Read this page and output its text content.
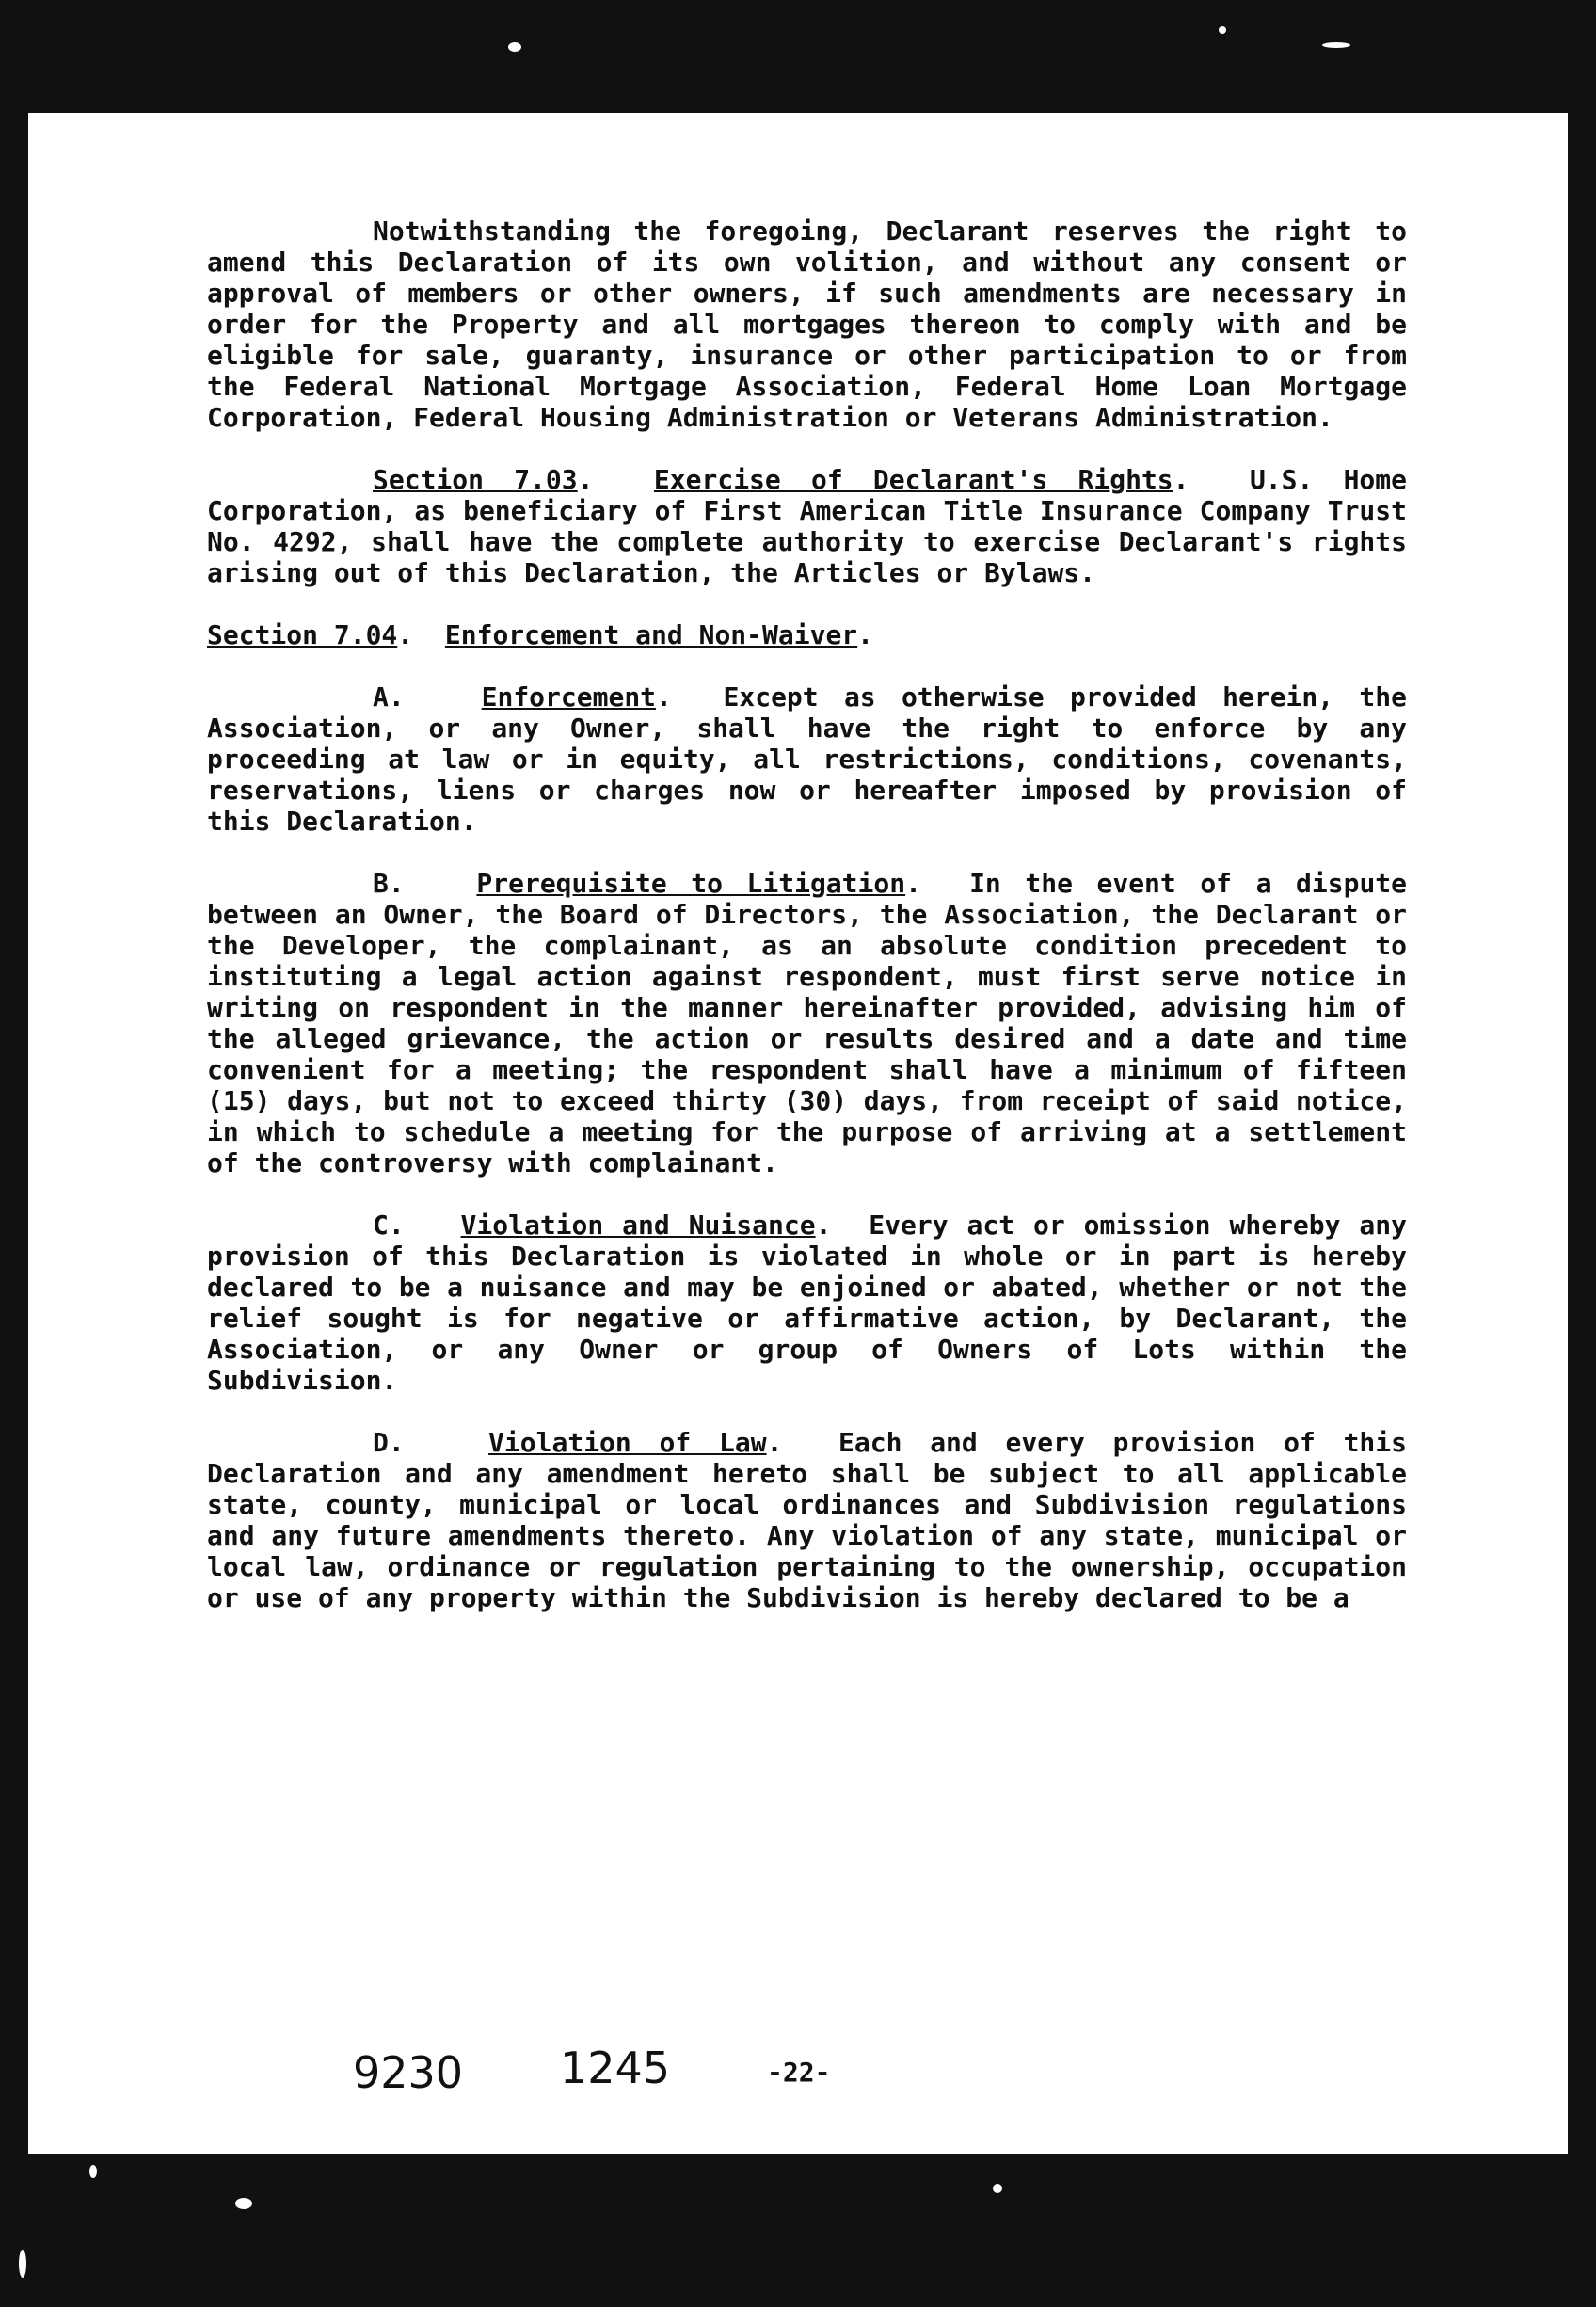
Notwithstanding the foregoing, Declarant reserves the right to amend this Declaration of its own volition, and without any consent or approval of members or other owners, if such amendments are necessary in order for the Property and all mortgages thereon to comply with and be eligible for sale, guaranty, insurance or other participation to or from the Federal National Mortgage Association, Federal Home Loan Mortgage Corporation, Federal Housing Administration or Veterans Administration.

Section 7.03.  Exercise of Declarant's Rights.  U.S. Home Corporation, as beneficiary of First American Title Insurance Company Trust No. 4292, shall have the complete authority to exercise Declarant's rights arising out of this Declaration, the Articles or Bylaws.

Section 7.04.  Enforcement and Non-Waiver.

A.	Enforcement.  Except as otherwise provided herein, the Association, or any Owner, shall have the right to enforce by any proceeding at law or in equity, all restrictions, conditions, covenants, reservations, liens or charges now or hereafter imposed by provision of this Declaration.

B.	Prerequisite to Litigation.  In the event of a dispute between an Owner, the Board of Directors, the Association, the Declarant or the Developer, the complainant, as an absolute condition precedent to instituting a legal action against respondent, must first serve notice in writing on respondent in the manner hereinafter provided, advising him of the alleged grievance, the action or results desired and a date and time convenient for a meeting; the respondent shall have a minimum of fifteen (15) days, but not to exceed thirty (30) days, from receipt of said notice, in which to schedule a meeting for the purpose of arriving at a settlement of the controversy with complainant.

C. Violation and Nuisance.  Every act or omission whereby any provision of this Declaration is violated in whole or in part is hereby declared to be a nuisance and may be enjoined or abated, whether or not the relief sought is for negative or affirmative action, by Declarant, the Association, or any Owner or group of Owners of Lots within the Subdivision.

D.	Violation of Law.  Each and every provision of this Declaration and any amendment hereto shall be subject to all applicable state, county, municipal or local ordinances and Subdivision regulations and any future amendments thereto. Any violation of any state, municipal or local law, ordinance or regulation pertaining to the ownership, occupation or use of any property within the Subdivision is hereby declared to be a

9230 1245	-22-
